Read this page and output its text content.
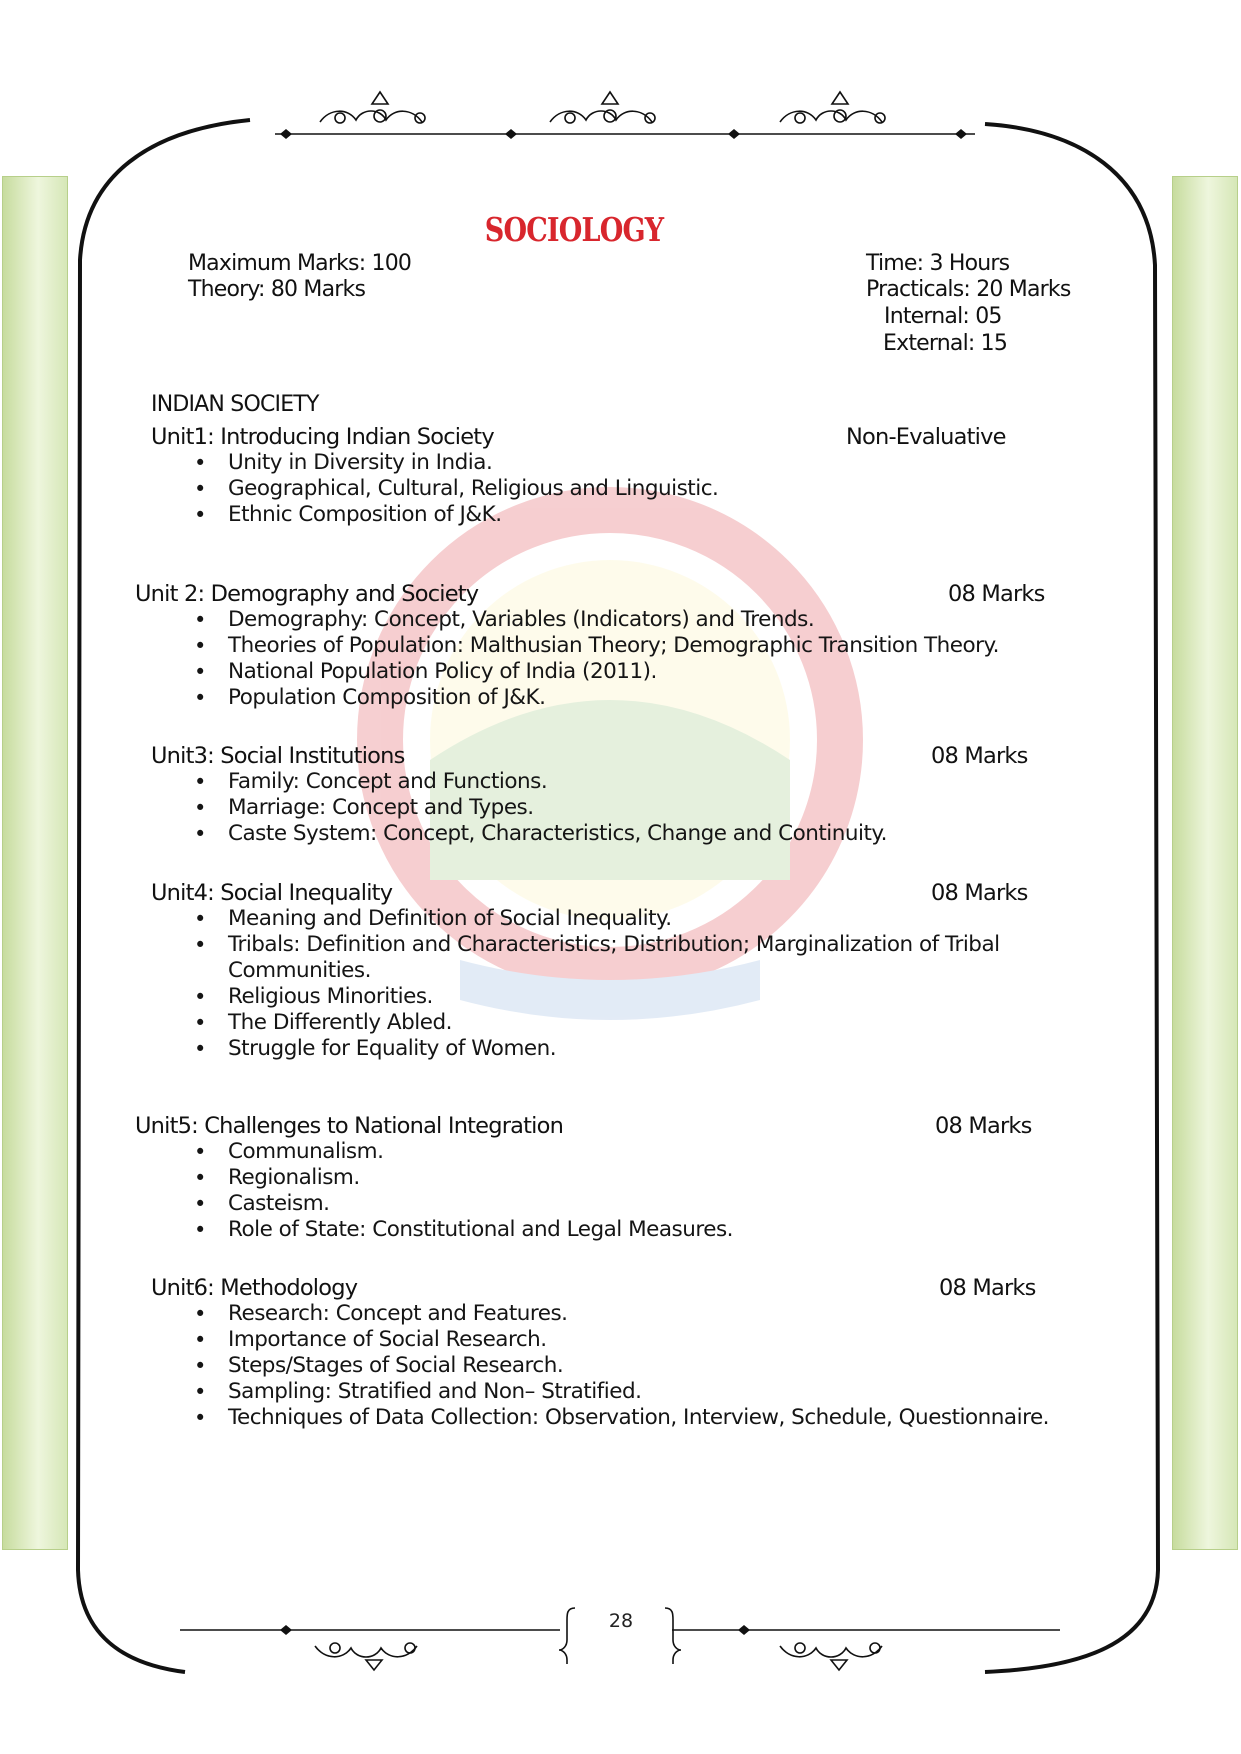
SOCIOLOGY
Maximum Marks: 100
Theory: 80 Marks
Time: 3 Hours
Practicals: 20 Marks
Internal: 05
External: 15
INDIAN SOCIETY
Unit1: Introducing Indian Society	Non-Evaluative
• Unity in Diversity in India.
• Geographical, Cultural, Religious and Linguistic.
• Ethnic Composition of J&K.
Unit 2: Demography and Society	08 Marks
• Demography: Concept, Variables (Indicators) and Trends.
• Theories of Population: Malthusian Theory; Demographic Transition Theory.
• National Population Policy of India (2011).
• Population Composition of J&K.
Unit3: Social Institutions	08 Marks
• Family: Concept and Functions.
• Marriage: Concept and Types.
• Caste System: Concept, Characteristics, Change and Continuity.
Unit4: Social Inequality	08 Marks
• Meaning and Definition of Social Inequality.
• Tribals: Definition and Characteristics; Distribution; Marginalization of Tribal Communities.
• Religious Minorities.
• The Differently Abled.
• Struggle for Equality of Women.
Unit5: Challenges to National Integration	08 Marks
• Communalism.
• Regionalism.
• Casteism.
• Role of State: Constitutional and Legal Measures.
Unit6: Methodology	08 Marks
• Research: Concept and Features.
• Importance of Social Research.
• Steps/Stages of Social Research.
• Sampling: Stratified and Non– Stratified.
• Techniques of Data Collection: Observation, Interview, Schedule, Questionnaire.
28
